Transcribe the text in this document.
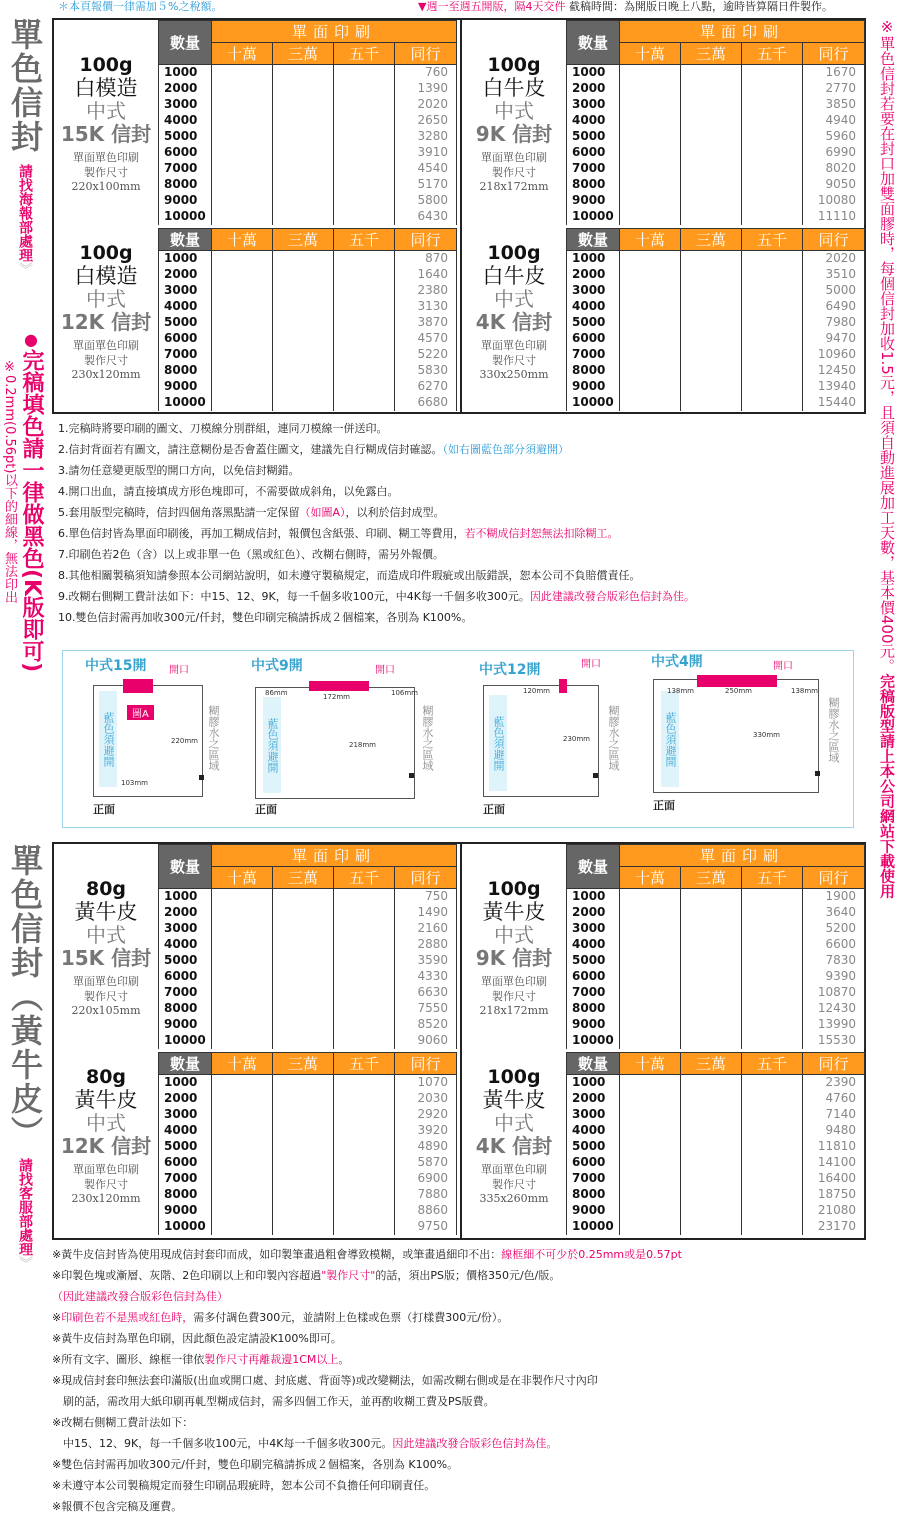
＊本頁報價一律需加５%之稅額。	▼週一至週五開版，隔4天交件 截稿時間：為開版日晚上八點，逾時皆算隔日件製作。
單色信封
請找海報部處理
》
●
完稿填色請一律做黑色(K版即可)
※0.2mm(0.56pt)以下的細線，無法印出
單色信封（黃牛皮）
請找客服部處理
》
※單色信封若要在封口加雙面膠時，每個信封加收1.5元，且須自動進展加工天數，基本價400元。完稿版型請上本公司網站下載使用
100g
白模造
中式
15K 信封
單面單色印刷
製作尺寸
220x100mm
數量	單面印刷			
	十萬	三萬	五千	同行
1000				760
2000				1390
3000				2020
4000				2650
5000				3280
6000				3910
7000				4540
8000				5170
9000				5800
10000				6430
100g
白牛皮
中式
9K 信封
單面單色印刷
製作尺寸
218x172mm
數量	單面印刷			
	十萬	三萬	五千	同行
1000				1670
2000				2770
3000				3850
4000				4940
5000				5960
6000				6990
7000				8020
8000				9050
9000				10080
10000				11110
100g
白模造
中式
12K 信封
單面單色印刷
製作尺寸
230x120mm
數量	十萬	三萬	五千	同行
1000				870
2000				1640
3000				2380
4000				3130
5000				3870
6000				4570
7000				5220
8000				5830
9000				6270
10000				6680
100g
白牛皮
中式
4K 信封
單面單色印刷
製作尺寸
330x250mm
數量	十萬	三萬	五千	同行
1000				2020
2000				3510
3000				5000
4000				6490
5000				7980
6000				9470
7000				10960
8000				12450
9000				13940
10000				15440
80g
黃牛皮
中式
15K 信封
單面單色印刷
製作尺寸
220x105mm
數量	單面印刷			
	十萬	三萬	五千	同行
1000				750
2000				1490
3000				2160
4000				2880
5000				3590
6000				4330
7000				6630
8000				7550
9000				8520
10000				9060
100g
黃牛皮
中式
9K 信封
單面單色印刷
製作尺寸
218x172mm
數量	單面印刷			
	十萬	三萬	五千	同行
1000				1900
2000				3640
3000				5200
4000				6600
5000				7830
6000				9390
7000				10870
8000				12430
9000				13990
10000				15530
80g
黃牛皮
中式
12K 信封
單面單色印刷
製作尺寸
230x120mm
數量	十萬	三萬	五千	同行
1000				1070
2000				2030
3000				2920
4000				3920
5000				4890
6000				5870
7000				6900
8000				7880
9000				8860
10000				9750
100g
黃牛皮
中式
4K 信封
單面單色印刷
製作尺寸
335x260mm
數量	十萬	三萬	五千	同行
1000				2390
2000				4760
3000				7140
4000				9480
5000				11810
6000				14100
7000				16400
8000				18750
9000				21080
10000				23170
1.完稿時將要印刷的圖文、刀模線分別群組，連同刀模線一併送印。
2.信封背面若有圖文，請注意糊份是否會蓋住圖文，建議先自行糊成信封確認。（如右圖藍色部分須避開）
3.請勿任意變更版型的開口方向，以免信封糊錯。
4.開口出血，請直接填成方形色塊即可，不需要做成斜角，以免露白。
5.套用版型完稿時，信封四個角落黑點請一定保留（如圖A），以利於信封成型。
6.單色信封皆為單面印刷後，再加工糊成信封，報價包含紙張、印刷、糊工等費用，若不糊成信封恕無法扣除糊工。
7.印刷色若2色（含）以上或非單一色（黑或紅色）、改糊右側時，需另外報價。
8.其他相關製稿須知請參照本公司網站說明，如未遵守製稿規定，而造成印件瑕疵或出版錯誤，恕本公司不負賠償責任。
9.改糊右側糊工費計法如下：中15、12、9K，每一千個多收100元，中4K每一千個多收300元。因此建議改發合版彩色信封為佳。
10.雙色信封需再加收300元/仟封，雙色印刷完稿請拆成２個檔案，各別為 K100%。
中式15開 開口
藍色須避開	圖A
220mm
103mm
糊膠水之區域
正面
中式9開	開口
藍色須避開
86mm	172mm	106mm
218mm	糊膠水之區域
正面
中式12開	開口
藍色須避開
120mm
230mm 糊膠水之區域
正面
中式4開	開口
藍色須避開
138mm	250mm	138mm
330mm	糊膠水之區域
正面
※黃牛皮信封皆為使用現成信封套印而成，如印製筆畫過粗會導致模糊，或筆畫過細印不出：線框細不可少於0.25mm或是0.57pt
※印製色塊或漸層、灰階、2色印刷以上和印製內容超過"製作尺寸"的話，須出PS版；價格350元/色/版。
（因此建議改發合版彩色信封為佳）
※印刷色若不是黑或紅色時，需多付調色費300元，並請附上色樣或色票（打樣費300元/份）。
※黃牛皮信封為單色印刷，因此顏色設定請設K100%即可。
※所有文字、圖形、線框一律依製作尺寸再離裁邊1CM以上。
※現成信封套印無法套印滿版(出血或開口處、封底處、背面等)或改變糊法，如需改糊右側或是在非製作尺寸內印
　刷的話，需改用大紙印刷再軋型糊成信封，需多四個工作天，並再酌收糊工費及PS版費。
※改糊右側糊工費計法如下：
　中15、12、9K，每一千個多收100元，中4K每一千個多收300元。因此建議改發合版彩色信封為佳。
※雙色信封需再加收300元/仟封，雙色印刷完稿請拆成２個檔案，各別為 K100%。
※未遵守本公司製稿規定而發生印刷品瑕疵時，恕本公司不負擔任何印刷責任。
※報價不包含完稿及運費。
